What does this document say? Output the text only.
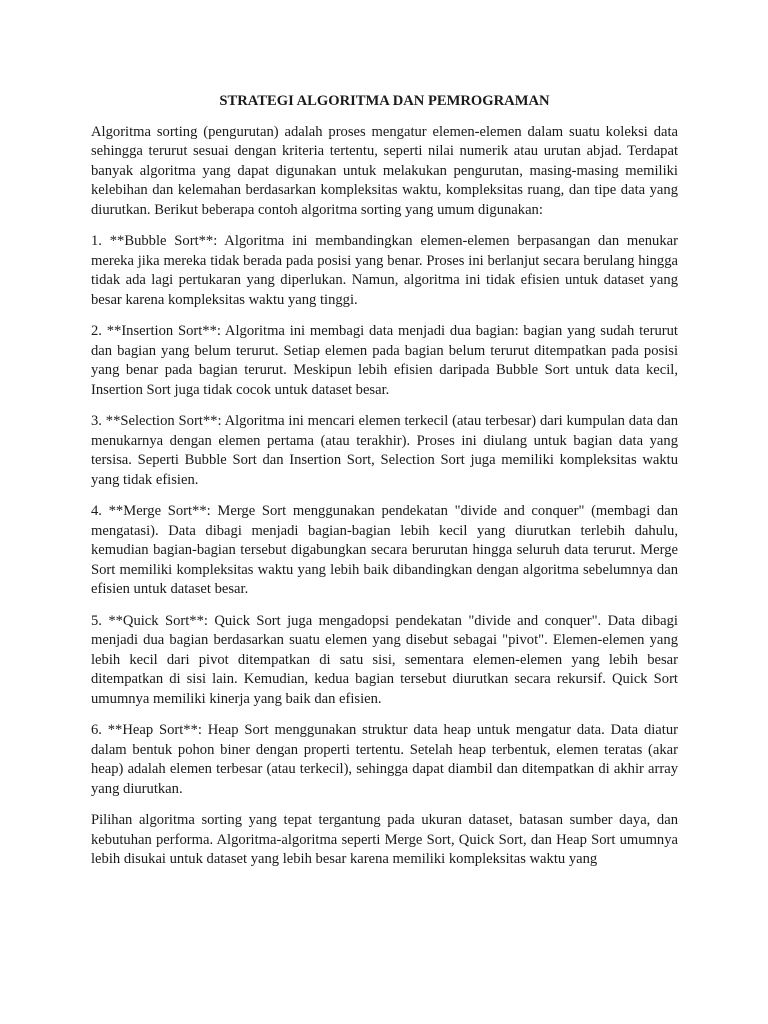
STRATEGI ALGORITMA DAN PEMROGRAMAN

Algoritma sorting (pengurutan) adalah proses mengatur elemen-elemen dalam suatu koleksi data sehingga terurut sesuai dengan kriteria tertentu, seperti nilai numerik atau urutan abjad. Terdapat banyak algoritma yang dapat digunakan untuk melakukan pengurutan, masing-masing memiliki kelebihan dan kelemahan berdasarkan kompleksitas waktu, kompleksitas ruang, dan tipe data yang diurutkan. Berikut beberapa contoh algoritma sorting yang umum digunakan:

1. **Bubble Sort**: Algoritma ini membandingkan elemen-elemen berpasangan dan menukar mereka jika mereka tidak berada pada posisi yang benar. Proses ini berlanjut secara berulang hingga tidak ada lagi pertukaran yang diperlukan. Namun, algoritma ini tidak efisien untuk dataset yang besar karena kompleksitas waktu yang tinggi.

2. **Insertion Sort**: Algoritma ini membagi data menjadi dua bagian: bagian yang sudah terurut dan bagian yang belum terurut. Setiap elemen pada bagian belum terurut ditempatkan pada posisi yang benar pada bagian terurut. Meskipun lebih efisien daripada Bubble Sort untuk data kecil, Insertion Sort juga tidak cocok untuk dataset besar.

3. **Selection Sort**: Algoritma ini mencari elemen terkecil (atau terbesar) dari kumpulan data dan menukarnya dengan elemen pertama (atau terakhir). Proses ini diulang untuk bagian data yang tersisa. Seperti Bubble Sort dan Insertion Sort, Selection Sort juga memiliki kompleksitas waktu yang tidak efisien.

4. **Merge Sort**: Merge Sort menggunakan pendekatan "divide and conquer" (membagi dan mengatasi). Data dibagi menjadi bagian-bagian lebih kecil yang diurutkan terlebih dahulu, kemudian bagian-bagian tersebut digabungkan secara berurutan hingga seluruh data terurut. Merge Sort memiliki kompleksitas waktu yang lebih baik dibandingkan dengan algoritma sebelumnya dan efisien untuk dataset besar.

5. **Quick Sort**: Quick Sort juga mengadopsi pendekatan "divide and conquer". Data dibagi menjadi dua bagian berdasarkan suatu elemen yang disebut sebagai "pivot". Elemen-elemen yang lebih kecil dari pivot ditempatkan di satu sisi, sementara elemen-elemen yang lebih besar ditempatkan di sisi lain. Kemudian, kedua bagian tersebut diurutkan secara rekursif. Quick Sort umumnya memiliki kinerja yang baik dan efisien.

6. **Heap Sort**: Heap Sort menggunakan struktur data heap untuk mengatur data. Data diatur dalam bentuk pohon biner dengan properti tertentu. Setelah heap terbentuk, elemen teratas (akar heap) adalah elemen terbesar (atau terkecil), sehingga dapat diambil dan ditempatkan di akhir array yang diurutkan.

Pilihan algoritma sorting yang tepat tergantung pada ukuran dataset, batasan sumber daya, dan kebutuhan performa. Algoritma-algoritma seperti Merge Sort, Quick Sort, dan Heap Sort umumnya lebih disukai untuk dataset yang lebih besar karena memiliki kompleksitas waktu yang
